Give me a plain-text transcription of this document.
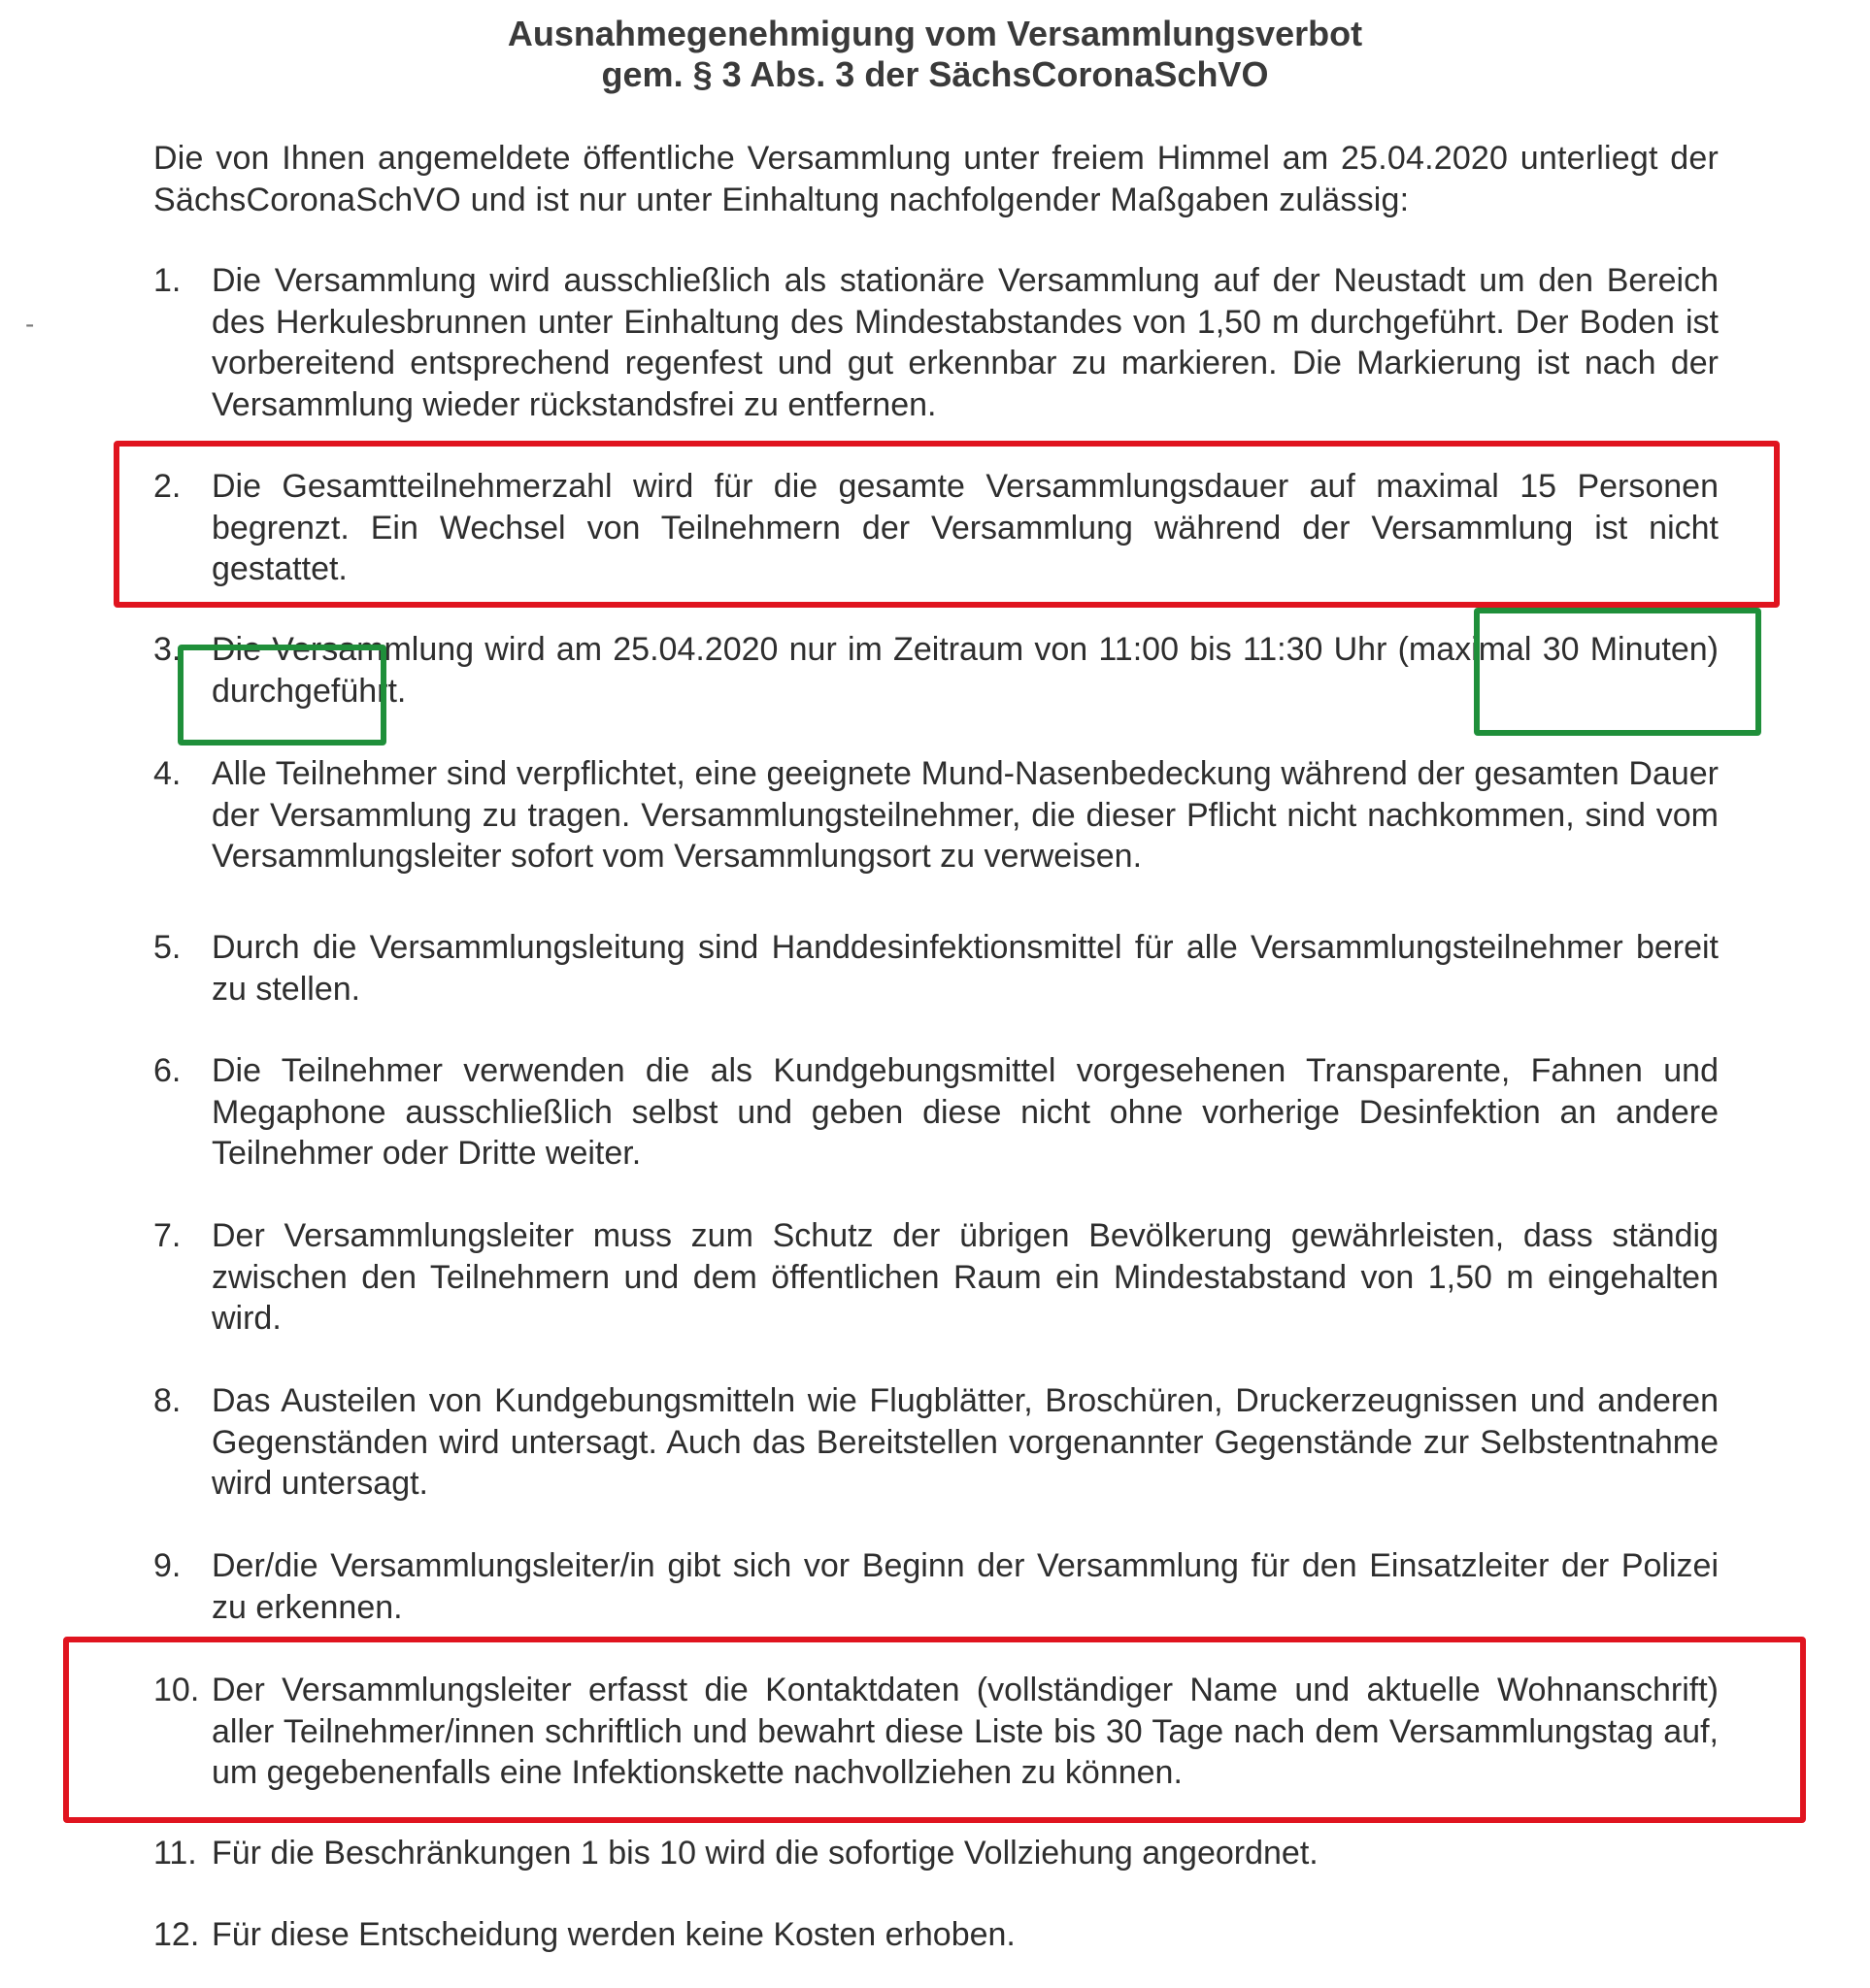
Ausnahmegenehmigung vom Versammlungsverbot
gem. § 3 Abs. 3 der SächsCoronaSchVO
Die von Ihnen angemeldete öffentliche Versammlung unter freiem Himmel am 25.04.2020 unterliegt der SächsCoronaSchVO und ist nur unter Einhaltung nachfolgender Maßgaben zulässig:
-
1. Die Versammlung wird ausschließlich als stationäre Versammlung auf der Neustadt um den Bereich des Herkulesbrunnen unter Einhaltung des Mindestabstandes von 1,50 m durchgeführt. Der Boden ist vorbereitend entsprechend regenfest und gut erkennbar zu markieren. Die Markierung ist nach der Versammlung wieder rückstandsfrei zu entfernen.
2. Die Gesamtteilnehmerzahl wird für die gesamte Versammlungsdauer auf maximal 15 Personen begrenzt. Ein Wechsel von Teilnehmern der Versammlung während der Versammlung ist nicht gestattet.
3. Die Versammlung wird am 25.04.2020 nur im Zeitraum von 11:00 bis 11:30 Uhr (maximal 30 Minuten) durchgeführt.
4. Alle Teilnehmer sind verpflichtet, eine geeignete Mund-Nasenbedeckung während der gesamten Dauer der Versammlung zu tragen. Versammlungsteilnehmer, die dieser Pflicht nicht nachkommen, sind vom Versammlungsleiter sofort vom Versammlungsort zu verweisen.
5. Durch die Versammlungsleitung sind Handdesinfektionsmittel für alle Versammlungsteilnehmer bereit zu stellen.
6. Die Teilnehmer verwenden die als Kundgebungsmittel vorgesehenen Transparente, Fahnen und Megaphone ausschließlich selbst und geben diese nicht ohne vorherige Desinfektion an andere Teilnehmer oder Dritte weiter.
7. Der Versammlungsleiter muss zum Schutz der übrigen Bevölkerung gewährleisten, dass ständig zwischen den Teilnehmern und dem öffentlichen Raum ein Mindestabstand von 1,50 m eingehalten wird.
8. Das Austeilen von Kundgebungsmitteln wie Flugblätter, Broschüren, Druckerzeugnissen und anderen Gegenständen wird untersagt. Auch das Bereitstellen vorgenannter Gegenstände zur Selbstentnahme wird untersagt.
9. Der/die Versammlungsleiter/in gibt sich vor Beginn der Versammlung für den Einsatzleiter der Polizei zu erkennen.
10. Der Versammlungsleiter erfasst die Kontaktdaten (vollständiger Name und aktuelle Wohnanschrift) aller Teilnehmer/innen schriftlich und bewahrt diese Liste bis 30 Tage nach dem Versammlungstag auf, um gegebenenfalls eine Infektionskette nachvollziehen zu können.
11. Für die Beschränkungen 1 bis 10 wird die sofortige Vollziehung angeordnet.
12. Für diese Entscheidung werden keine Kosten erhoben.
